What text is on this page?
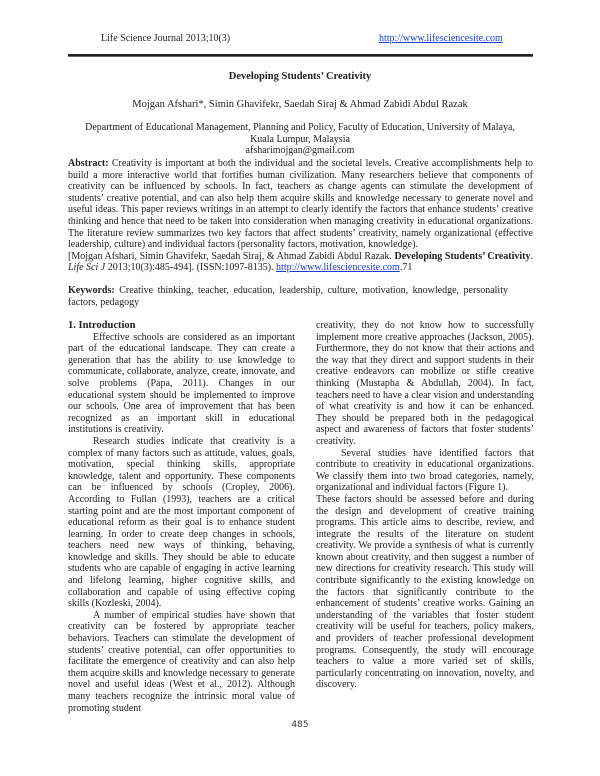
Life Science Journal 2013;10(3)	http://www.lifesciencesite.com
Developing Students’ Creativity
Mojgan Afshari*, Simin Ghavifekr, Saedah Siraj & Ahmad Zabidi Abdul Razak
Department of Educational Management, Planning and Policy, Faculty of Education, University of Malaya,
Kuala Lumpur, Malaysia
afsharimojgan@gmail.com
Abstract: Creativity is important at both the individual and the societal levels. Creative accomplishments help to build a more interactive world that fortifies human civilization. Many researchers believe that components of creativity can be influenced by schools. In fact, teachers as change agents can stimulate the development of students’ creative potential, and can also help them acquire skills and knowledge necessary to generate novel and useful ideas. This paper reviews writings in an attempt to clearly identify the factors that enhance students’ creative thinking and hence that need to be taken into consideration when managing creativity in educational organizations. The literature review summarizes two key factors that affect students’ creativity, namely organizational (effective leadership, culture) and individual factors (personality factors, motivation, knowledge).
[Mojgan Afshari, Simin Ghavifekr, Saedah Siraj, & Ahmad Zabidi Abdul Razak. Developing Students’ Creativity. Life Sci J 2013;10(3):485-494]. (ISSN:1097-8135). http://www.lifesciencesite.com.71
Keywords: Creative thinking, teacher, education, leadership, culture, motivation, knowledge, personality factors, pedagogy

1. Introduction

Effective schools are considered as an important part of the educational landscape. They can create a generation that has the ability to use knowledge to communicate, collaborate, analyze, create, innovate, and solve problems (Papa, 2011). Changes in our educational system should be implemented to improve our schools. One area of improvement that has been recognized as an important skill in educational institutions is creativity.

Research studies indicate that creativity is a complex of many factors such as attitude, values, goals, motivation, special thinking skills, appropriate knowledge, talent and opportunity. These components can be influenced by schools (Cropley, 2006). According to Fullan (1993), teachers are a critical starting point and are the most important component of educational reform as their goal is to enhance student learning. In order to create deep changes in schools, teachers need new ways of thinking, behaving, knowledge and skills. They should be able to educate students who are capable of engaging in active learning and lifelong learning, higher cognitive skills, and collaboration and capable of using effective coping skills (Kozleski, 2004).

A number of empirical studies have shown that creativity can be fostered by appropriate teacher behaviors. Teachers can stimulate the development of students’ creative potential, can offer opportunities to facilitate the emergence of creativity and can also help them acquire skills and knowledge necessary to generate novel and useful ideas (West et al., 2012). Although many teachers recognize the intrinsic moral value of promoting student

creativity, they do not know how to successfully implement more creative approaches (Jackson, 2005). Furthermore, they do not know that their actions and the way that they direct and support students in their creative endeavors can mobilize or stifle creative thinking (Mustapha & Abdullah, 2004). In fact, teachers need to have a clear vision and understanding of what creativity is and how it can be enhanced. They should be prepared both in the pedagogical aspect and awareness of factors that foster students’ creativity.

Several studies have identified factors that contribute to creativity in educational organizations. We classify them into two broad categories, namely, organizational and individual factors (Figure 1).

These factors should be assessed before and during the design and development of creative training programs. This article aims to describe, review, and integrate the results of the literature on student creativity. We provide a synthesis of what is currently known about creativity, and then suggest a number of new directions for creativity research. This study will contribute significantly to the existing knowledge on the factors that significantly contribute to the enhancement of students’ creative works. Gaining an understanding of the variables that foster student creativity will be useful for teachers, policy makers, and providers of teacher professional development programs. Consequently, the study will encourage teachers to value a more varied set of skills, particularly concentrating on innovation, novelty, and discovery.

485
